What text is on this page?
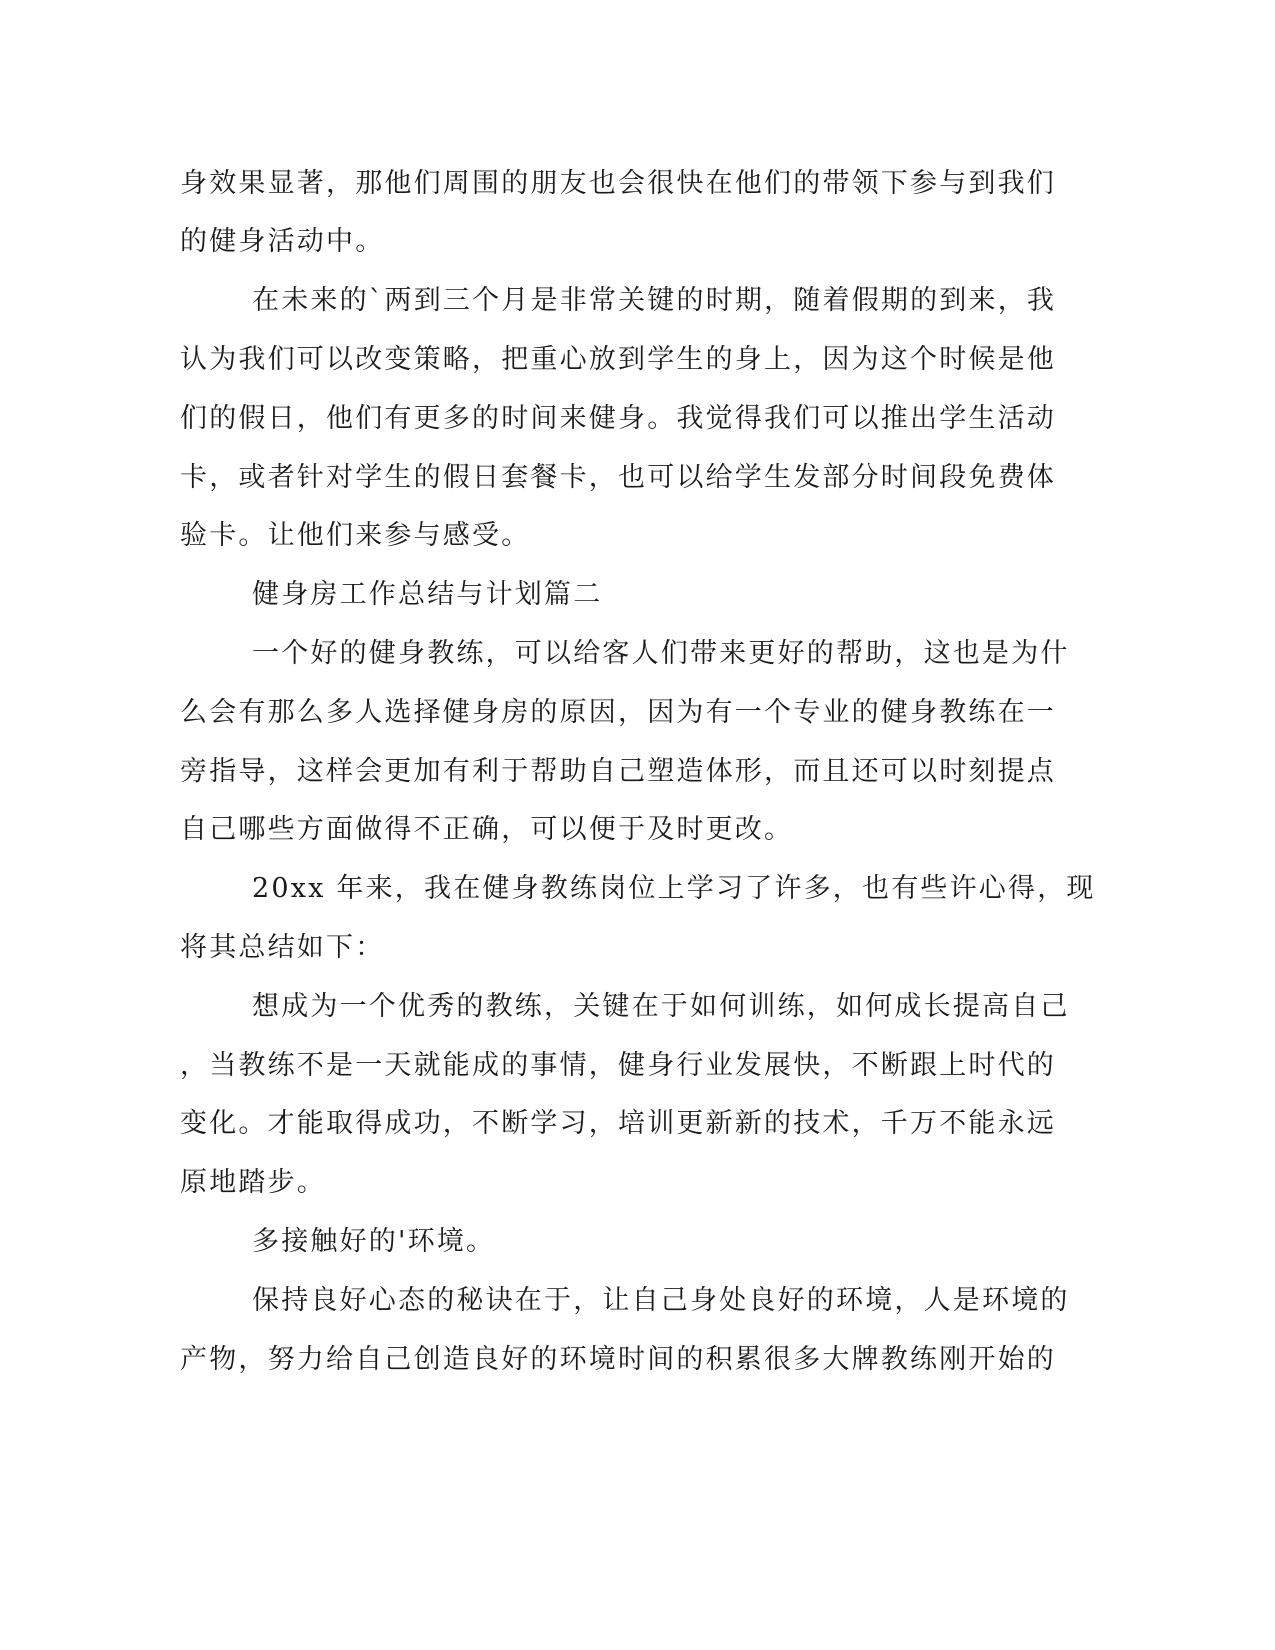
身效果显著，那他们周围的朋友也会很快在他们的带领下参与到我们
的健身活动中。
在未来的`两到三个月是非常关键的时期，随着假期的到来，我
认为我们可以改变策略，把重心放到学生的身上，因为这个时候是他
们的假日，他们有更多的时间来健身。我觉得我们可以推出学生活动
卡，或者针对学生的假日套餐卡，也可以给学生发部分时间段免费体
验卡。让他们来参与感受。
健身房工作总结与计划篇二
一个好的健身教练，可以给客人们带来更好的帮助，这也是为什
么会有那么多人选择健身房的原因，因为有一个专业的健身教练在一
旁指导，这样会更加有利于帮助自己塑造体形，而且还可以时刻提点
自己哪些方面做得不正确，可以便于及时更改。
20xx 年来，我在健身教练岗位上学习了许多，也有些许心得，现
将其总结如下：
想成为一个优秀的教练，关键在于如何训练，如何成长提高自己
，当教练不是一天就能成的事情，健身行业发展快，不断跟上时代的
变化。才能取得成功，不断学习，培训更新新的技术，千万不能永远
原地踏步。
多接触好的'环境。
保持良好心态的秘诀在于，让自己身处良好的环境，人是环境的
产物，努力给自己创造良好的环境时间的积累很多大牌教练刚开始的
